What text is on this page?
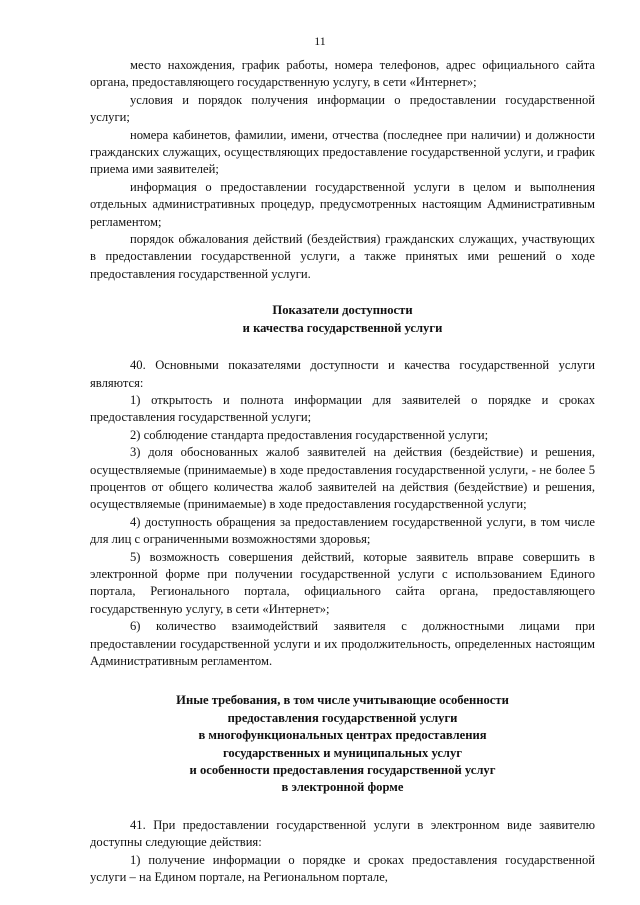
11

место нахождения, график работы, номера телефонов, адрес официального сайта органа, предоставляющего государственную услугу, в сети «Интернет»;

условия и порядок получения информации о предоставлении государственной услуги;

номера кабинетов, фамилии, имени, отчества (последнее при наличии) и должности гражданских служащих, осуществляющих предоставление государственной услуги, и график приема ими заявителей;

информация о предоставлении государственной услуги в целом и выполнения отдельных административных процедур, предусмотренных настоящим Административным регламентом;

порядок обжалования действий (бездействия) гражданских служащих, участвующих в предоставлении государственной услуги, а также принятых ими решений о ходе предоставления государственной услуги.

Показатели доступности
и качества государственной услуги

40. Основными показателями доступности и качества государственной услуги являются:

1) открытость и полнота информации для заявителей о порядке и сроках предоставления государственной услуги;

2) соблюдение стандарта предоставления государственной услуги;

3) доля обоснованных жалоб заявителей на действия (бездействие) и решения, осуществляемые (принимаемые) в ходе предоставления государственной услуги, - не более 5 процентов от общего количества жалоб заявителей на действия (бездействие) и решения, осуществляемые (принимаемые) в ходе предоставления государственной услуги;

4) доступность обращения за предоставлением государственной услуги, в том числе для лиц с ограниченными возможностями здоровья;

5) возможность совершения действий, которые заявитель вправе совершить в электронной форме при получении государственной услуги с использованием Единого портала, Регионального портала, официального сайта органа, предоставляющего государственную услугу, в сети «Интернет»;

6) количество взаимодействий заявителя с должностными лицами при предоставлении государственной услуги и их продолжительность, определенных настоящим Административным регламентом.

Иные требования, в том числе учитывающие особенности
предоставления государственной услуги
в многофункциональных центрах предоставления
государственных и муниципальных услуг
и особенности предоставления государственной услуг
в электронной форме

41. При предоставлении государственной услуги в электронном виде заявителю доступны следующие действия:

1) получение информации о порядке и сроках предоставления государственной услуги – на Едином портале, на Региональном портале,
